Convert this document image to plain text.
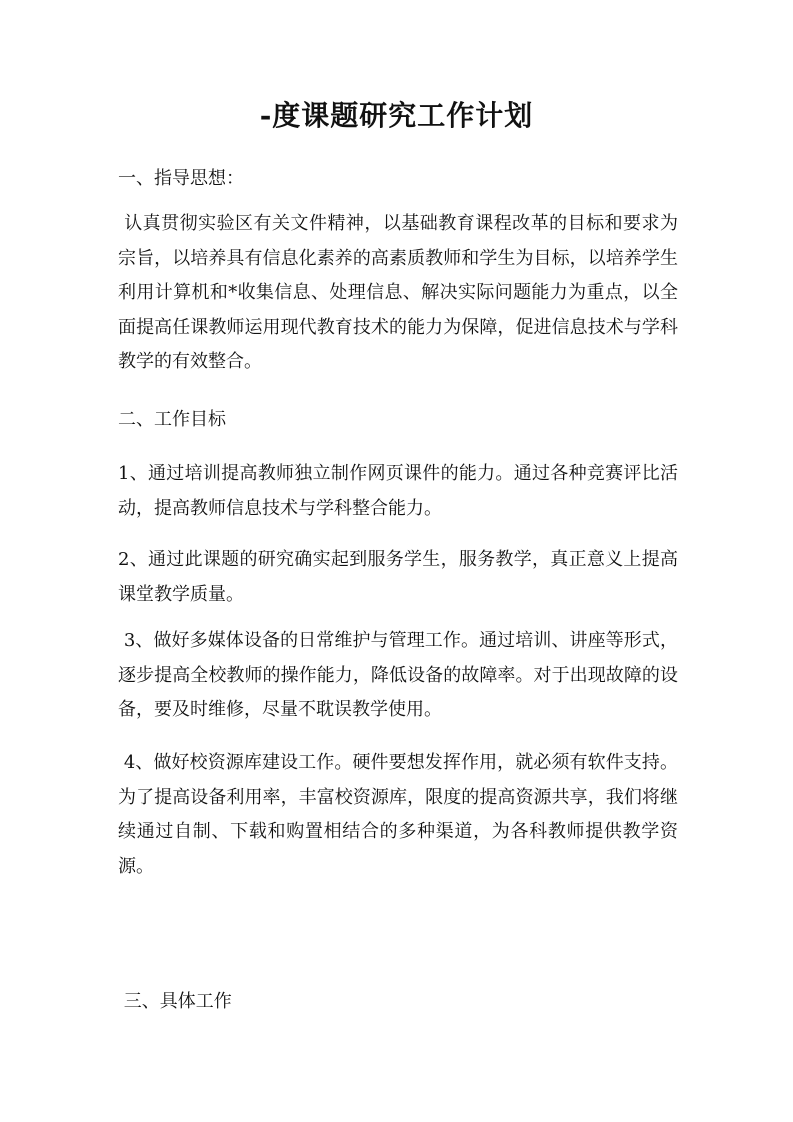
-度课题研究工作计划
一、指导思想：
认真贯彻实验区有关文件精神，以基础教育课程改革的目标和要求为宗旨，以培养具有信息化素养的高素质教师和学生为目标，以培养学生利用计算机和*收集信息、处理信息、解决实际问题能力为重点，以全面提高任课教师运用现代教育技术的能力为保障，促进信息技术与学科教学的有效整合。
二、工作目标
1、通过培训提高教师独立制作网页课件的能力。通过各种竞赛评比活动，提高教师信息技术与学科整合能力。
2、通过此课题的研究确实起到服务学生，服务教学，真正意义上提高课堂教学质量。
3、做好多媒体设备的日常维护与管理工作。通过培训、讲座等形式，逐步提高全校教师的操作能力，降低设备的故障率。对于出现故障的设备，要及时维修，尽量不耽误教学使用。
4、做好校资源库建设工作。硬件要想发挥作用，就必须有软件支持。为了提高设备利用率，丰富校资源库，限度的提高资源共享，我们将继续通过自制、下载和购置相结合的多种渠道，为各科教师提供教学资源。
三、具体工作
